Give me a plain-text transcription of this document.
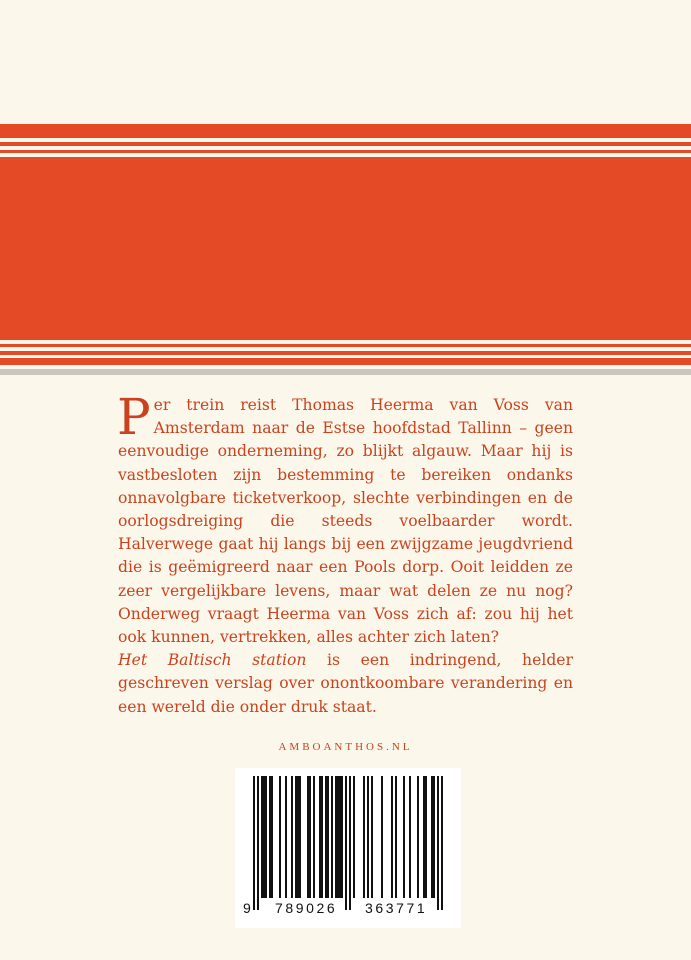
Per trein reist Thomas Heerma van Voss van Amsterdam naar de Estse hoofdstad Tallinn – geen eenvoudige onderneming, zo blijkt algauw. Maar hij is vastbesloten zijn bestemming te bereiken ondanks onnavolgbare ticketverkoop, slechte verbindingen en de oorlogsdreiging die steeds voelbaarder wordt. Halverwege gaat hij langs bij een zwijgzame jeugdvriend die is geëmigreerd naar een Pools dorp. Ooit leidden ze zeer vergelijkbare levens, maar wat delen ze nu nog? Onderweg vraagt Heerma van Voss zich af: zou hij het ook kunnen, vertrekken, alles achter zich laten?

Het Baltisch station is een indringend, helder geschreven verslag over onontkoombare verandering en een wereld die onder druk staat.

AMBOANTHOS.NL
9 789026 363771
